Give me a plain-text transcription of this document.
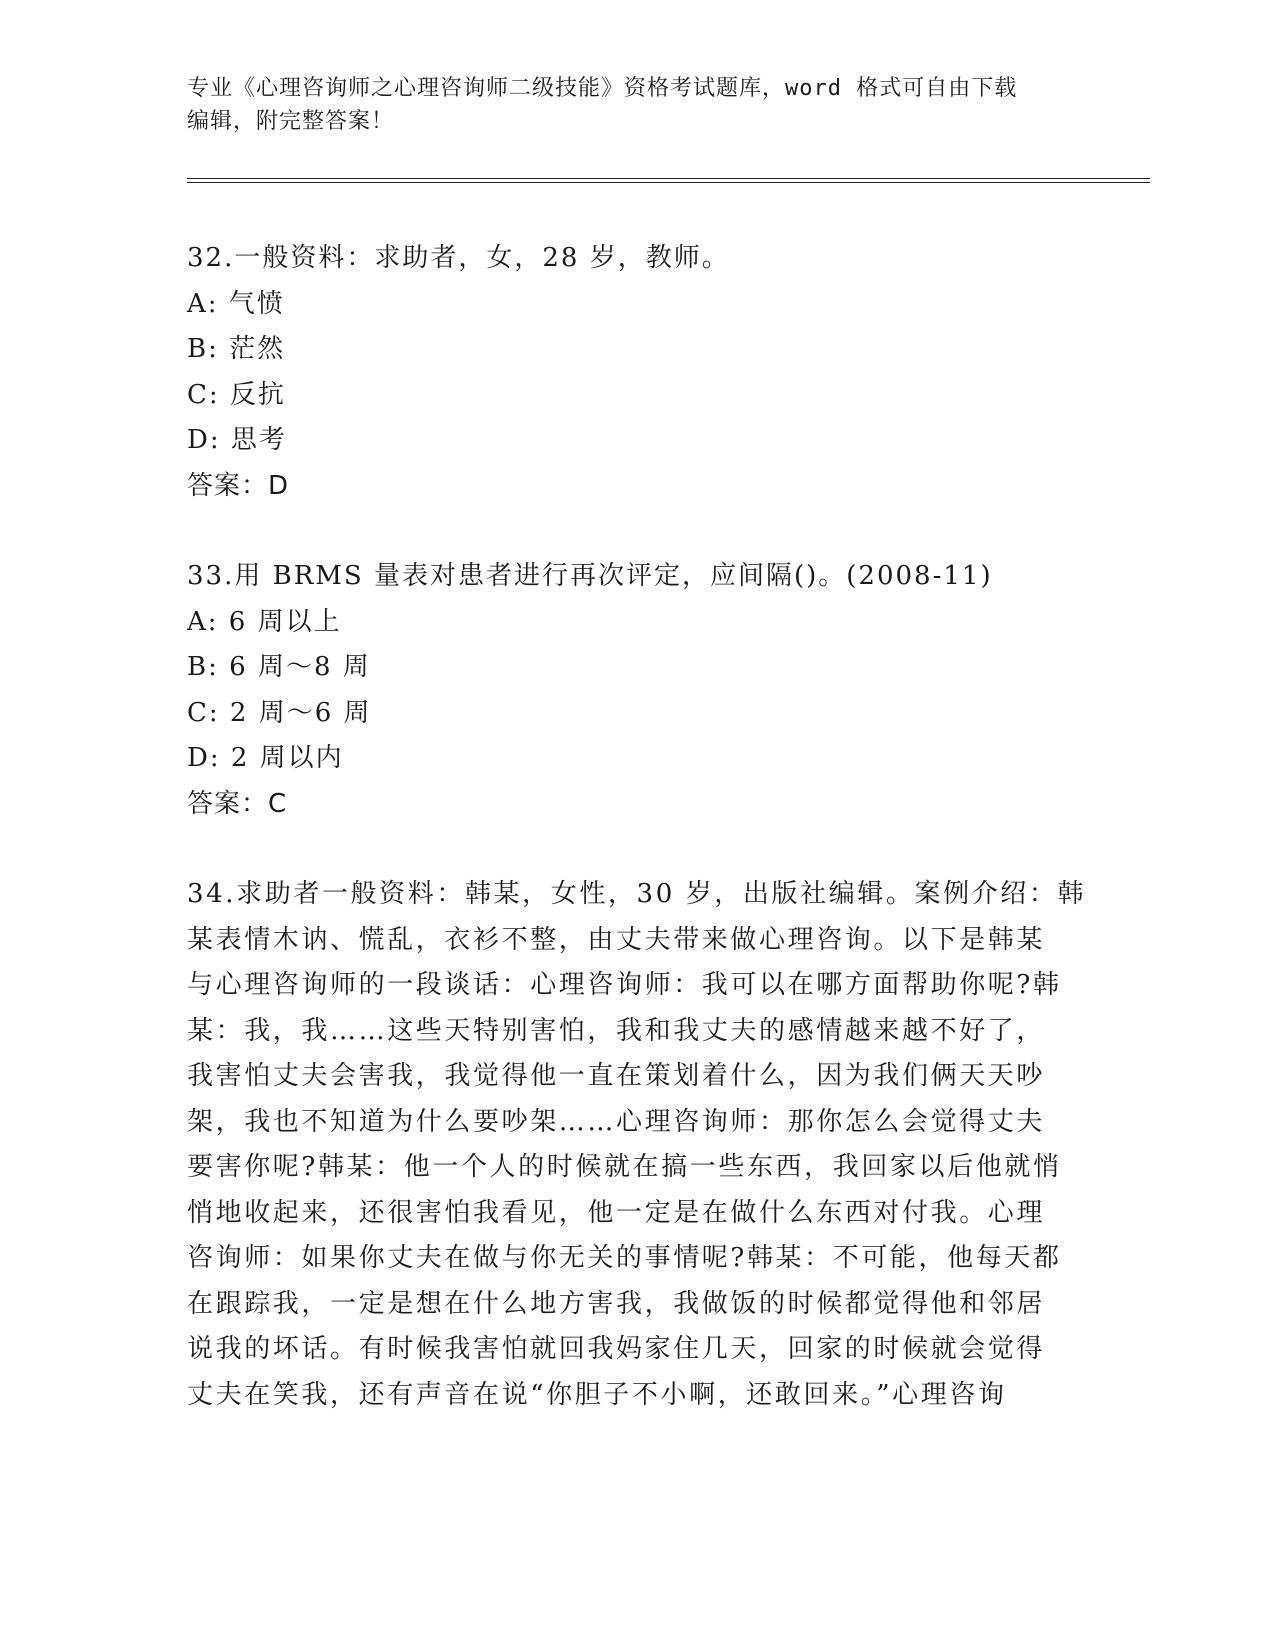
专业《心理咨询师之心理咨询师二级技能》资格考试题库，word 格式可自由下载
编辑，附完整答案！
32.一般资料：求助者，女，28 岁，教师。
A: 气愤
B: 茫然
C: 反抗
D: 思考
答案：D
33.用 BRMS 量表对患者进行再次评定，应间隔()。(2008-11)
A: 6 周以上
B: 6 周～8 周
C: 2 周～6 周
D: 2 周以内
答案：C
34.求助者一般资料：韩某，女性，30 岁，出版社编辑。案例介绍：韩
某表情木讷、慌乱，衣衫不整，由丈夫带来做心理咨询。以下是韩某
与心理咨询师的一段谈话：心理咨询师：我可以在哪方面帮助你呢?韩
某：我，我……这些天特别害怕，我和我丈夫的感情越来越不好了，
我害怕丈夫会害我，我觉得他一直在策划着什么，因为我们俩天天吵
架，我也不知道为什么要吵架……心理咨询师：那你怎么会觉得丈夫
要害你呢?韩某：他一个人的时候就在搞一些东西，我回家以后他就悄
悄地收起来，还很害怕我看见，他一定是在做什么东西对付我。心理
咨询师：如果你丈夫在做与你无关的事情呢?韩某：不可能，他每天都
在跟踪我，一定是想在什么地方害我，我做饭的时候都觉得他和邻居
说我的坏话。有时候我害怕就回我妈家住几天，回家的时候就会觉得
丈夫在笑我，还有声音在说“你胆子不小啊，还敢回来。”心理咨询
